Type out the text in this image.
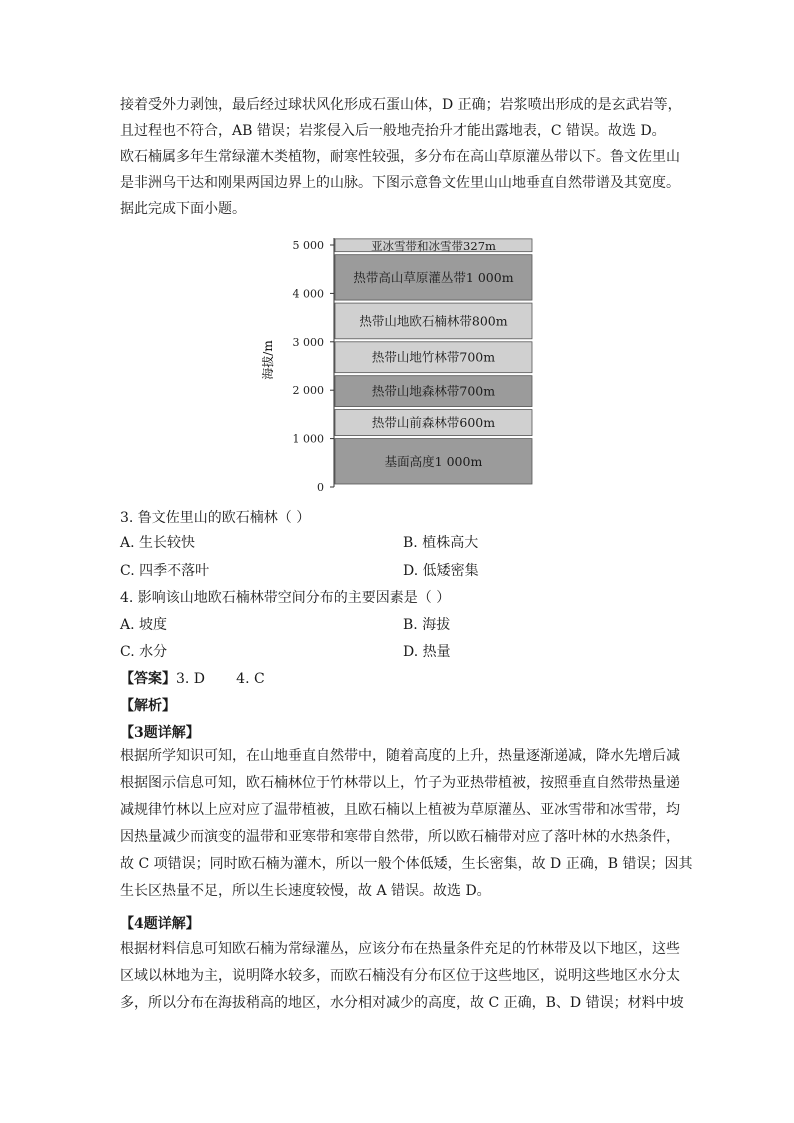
接着受外力剥蚀，最后经过球状风化形成石蛋山体，D 正确；岩浆喷出形成的是玄武岩等，
且过程也不符合，AB 错误；岩浆侵入后一般地壳抬升才能出露地表，C 错误。故选 D。
欧石楠属多年生常绿灌木类植物，耐寒性较强，多分布在高山草原灌丛带以下。鲁文佐里山
是非洲乌干达和刚果两国边界上的山脉。下图示意鲁文佐里山山地垂直自然带谱及其宽度。
据此完成下面小题。
海拔/m
0
1 000
2 000
3 000
4 000
5 000
基面高度1 000m
热带山前森林带600m
热带山地森林带700m
热带山地竹林带700m
热带山地欧石楠林带800m
热带高山草原灌丛带1 000m
亚冰雪带和冰雪带327m
3. 鲁文佐里山的欧石楠林（ ）
A. 生长较快	B. 植株高大
C. 四季不落叶	D. 低矮密集
4. 影响该山地欧石楠林带空间分布的主要因素是（ ）
A. 坡度	B. 海拔
C. 水分	D. 热量
【答案】3. D       4. C
【解析】
【3题详解】
根据所学知识可知，在山地垂直自然带中，随着高度的上升，热量逐渐递减，降水先增后减
根据图示信息可知，欧石楠林位于竹林带以上，竹子为亚热带植被，按照垂直自然带热量递
减规律竹林以上应对应了温带植被，且欧石楠以上植被为草原灌丛、亚冰雪带和冰雪带，均
因热量减少而演变的温带和亚寒带和寒带自然带，所以欧石楠带对应了落叶林的水热条件，
故 C 项错误；同时欧石楠为灌木，所以一般个体低矮，生长密集，故 D 正确，B 错误；因其
生长区热量不足，所以生长速度较慢，故 A 错误。故选 D。
【4题详解】
根据材料信息可知欧石楠为常绿灌丛，应该分布在热量条件充足的竹林带及以下地区，这些
区域以林地为主，说明降水较多，而欧石楠没有分布区位于这些地区，说明这些地区水分太
多，所以分布在海拔稍高的地区，水分相对减少的高度，故 C 正确，B、D 错误；材料中坡
